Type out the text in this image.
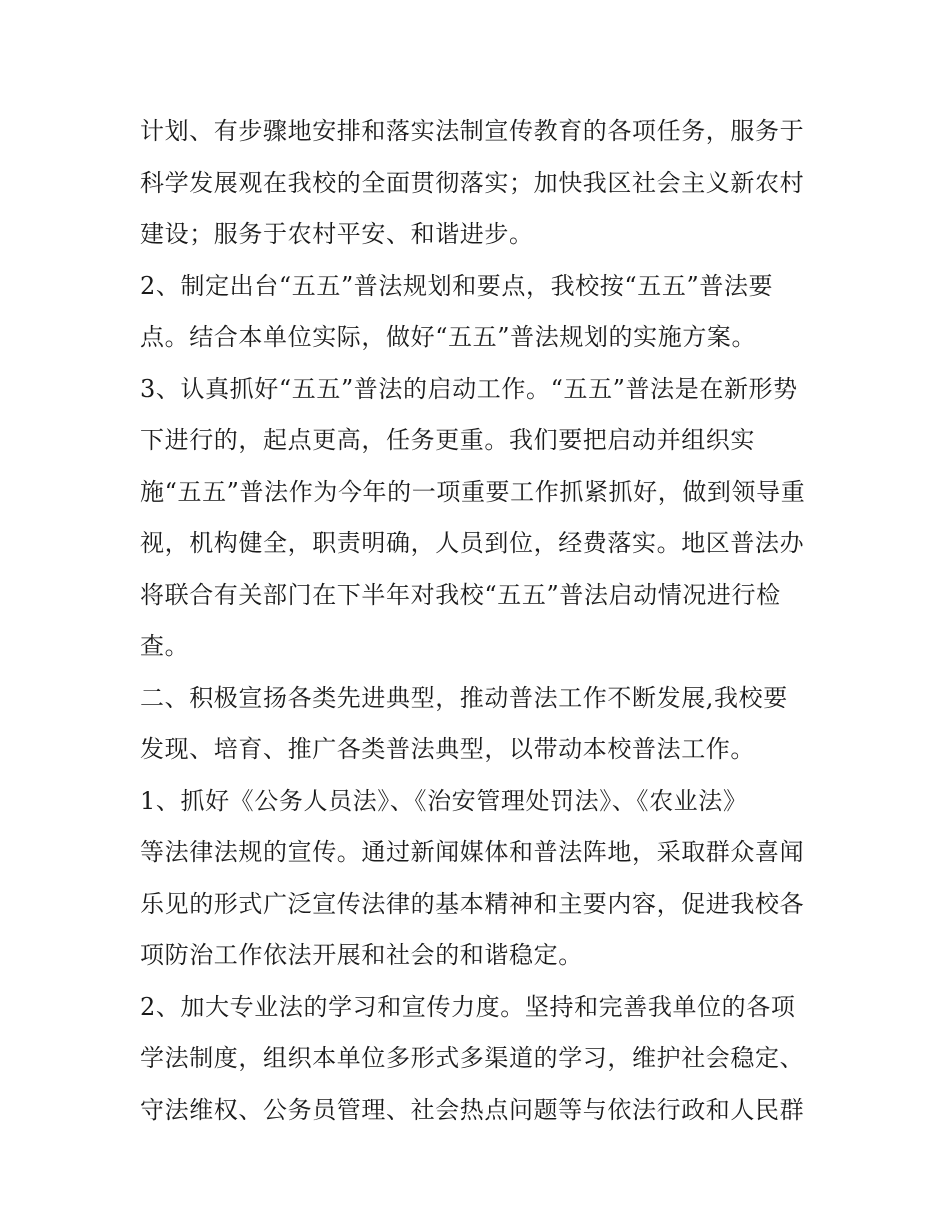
计划、有步骤地安排和落实法制宣传教育的各项任务，服务于
科学发展观在我校的全面贯彻落实；加快我区社会主义新农村
建设；服务于农村平安、和谐进步。
2、制定出台“五五”普法规划和要点，我校按“五五”普法要
点。结合本单位实际，做好“五五”普法规划的实施方案。
3、认真抓好“五五”普法的启动工作。“五五”普法是在新形势
下进行的，起点更高，任务更重。我们要把启动并组织实
施“五五”普法作为今年的一项重要工作抓紧抓好，做到领导重
视，机构健全，职责明确，人员到位，经费落实。地区普法办
将联合有关部门在下半年对我校“五五”普法启动情况进行检
查。
二、积极宣扬各类先进典型，推动普法工作不断发展,我校要
发现、培育、推广各类普法典型，以带动本校普法工作。
1、抓好《公务人员法》、《治安管理处罚法》、《农业法》
等法律法规的宣传。通过新闻媒体和普法阵地，采取群众喜闻
乐见的形式广泛宣传法律的基本精神和主要内容，促进我校各
项防治工作依法开展和社会的和谐稳定。
2、加大专业法的学习和宣传力度。坚持和完善我单位的各项
学法制度，组织本单位多形式多渠道的学习，维护社会稳定、
守法维权、公务员管理、社会热点问题等与依法行政和人民群
